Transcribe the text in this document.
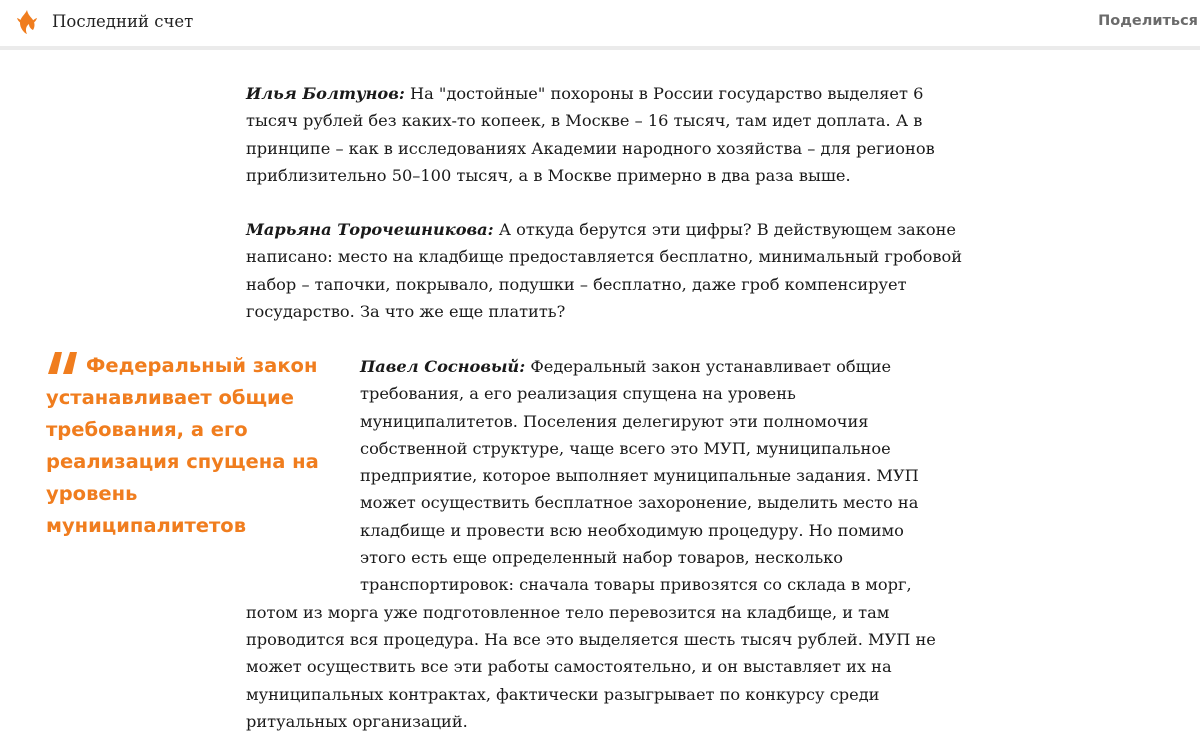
Последний счет	Поделиться

Илья Болтунов: На "достойные" похороны в России государство выделяет 6 тысяч рублей без каких-то копеек, в Москве – 16 тысяч, там идет доплата. А в принципе – как в исследованиях Академии народного хозяйства – для регионов приблизительно 50–100 тысяч, а в Москве примерно в два раза выше.

Марьяна Торочешникова: А откуда берутся эти цифры? В действующем законе написано: место на кладбище предоставляется бесплатно, минимальный гробовой набор – тапочки, покрывало, подушки – бесплатно, даже гроб компенсирует государство. За что же еще платить?

Павел Сосновый: Федеральный закон устанавливает общие
требования, а его реализация спущена на уровень
муниципалитетов. Поселения делегируют эти полномочия
собственной структуре, чаще всего это МУП, муниципальное
предприятие, которое выполняет муниципальные задания. МУП
может осуществить бесплатное захоронение, выделить место на
кладбище и провести всю необходимую процедуру. Но помимо
этого есть еще определенный набор товаров, несколько
транспортировок: сначала товары привозятся со склада в морг,
потом из морга уже подготовленное тело перевозится на кладбище, и там
проводится вся процедура. На все это выделяется шесть тысяч рублей. МУП не
может осуществить все эти работы самостоятельно, и он выставляет их на
муниципальных контрактах, фактически разыгрывает по конкурсу среди
ритуальных организаций.
Федеральный закон
устанавливает общие
требования, а его
реализация спущена на
уровень
муниципалитетов
